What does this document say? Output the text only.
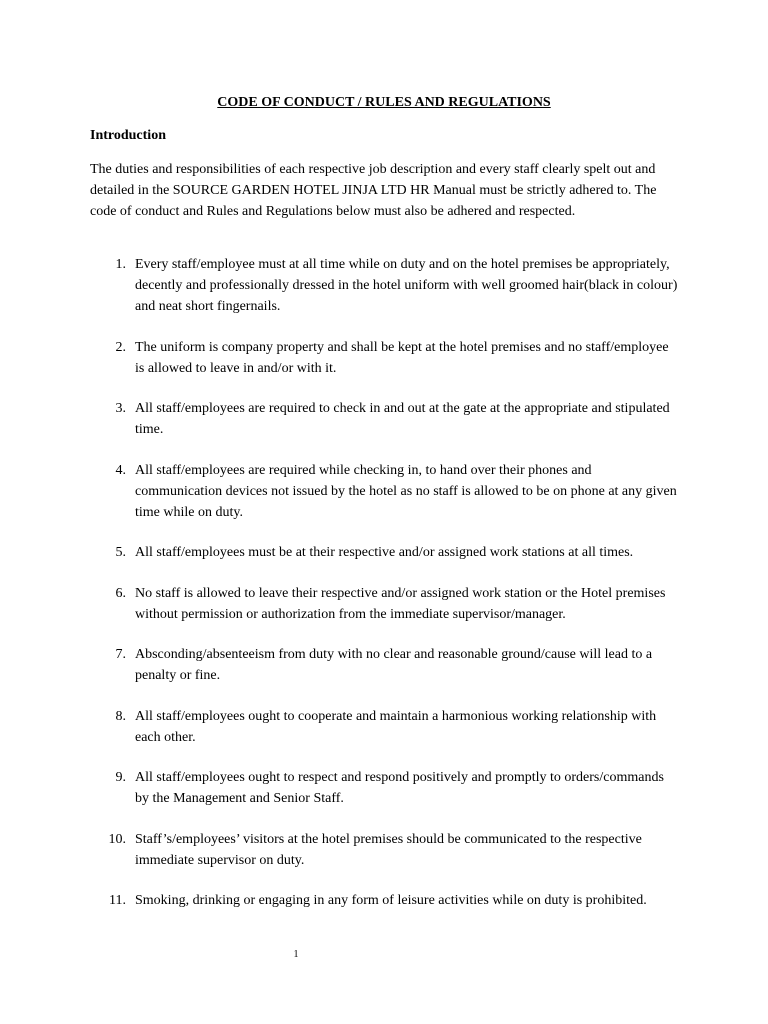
CODE OF CONDUCT / RULES AND REGULATIONS
Introduction
The duties and responsibilities of each respective job description and every staff clearly spelt out and detailed in the SOURCE GARDEN HOTEL JINJA LTD HR Manual must be strictly adhered to. The code of conduct and Rules and Regulations below must also be adhered and respected.
1. Every staff/employee must at all time while on duty and on the hotel premises be appropriately, decently and professionally dressed in the hotel uniform with well groomed hair(black in colour) and neat short fingernails.
2. The uniform is company property and shall be kept at the hotel premises and no staff/employee is allowed to leave in and/or with it.
3. All staff/employees are required to check in and out at the gate at the appropriate and stipulated time.
4. All staff/employees are required while checking in, to hand over their phones and communication devices not issued by the hotel as no staff is allowed to be on phone at any given time while on duty.
5. All staff/employees must be at their respective and/or assigned work stations at all times.
6. No staff is allowed to leave their respective and/or assigned work station or the Hotel premises without permission or authorization from the immediate supervisor/manager.
7. Absconding/absenteeism from duty with no clear and reasonable ground/cause will lead to a penalty or fine.
8. All staff/employees ought to cooperate and maintain a harmonious working relationship with each other.
9. All staff/employees ought to respect and respond positively and promptly to orders/commands by the Management and Senior Staff.
10. Staff’s/employees’ visitors at the hotel premises should be communicated to the respective immediate supervisor on duty.
11. Smoking, drinking or engaging in any form of leisure activities while on duty is prohibited.
1
